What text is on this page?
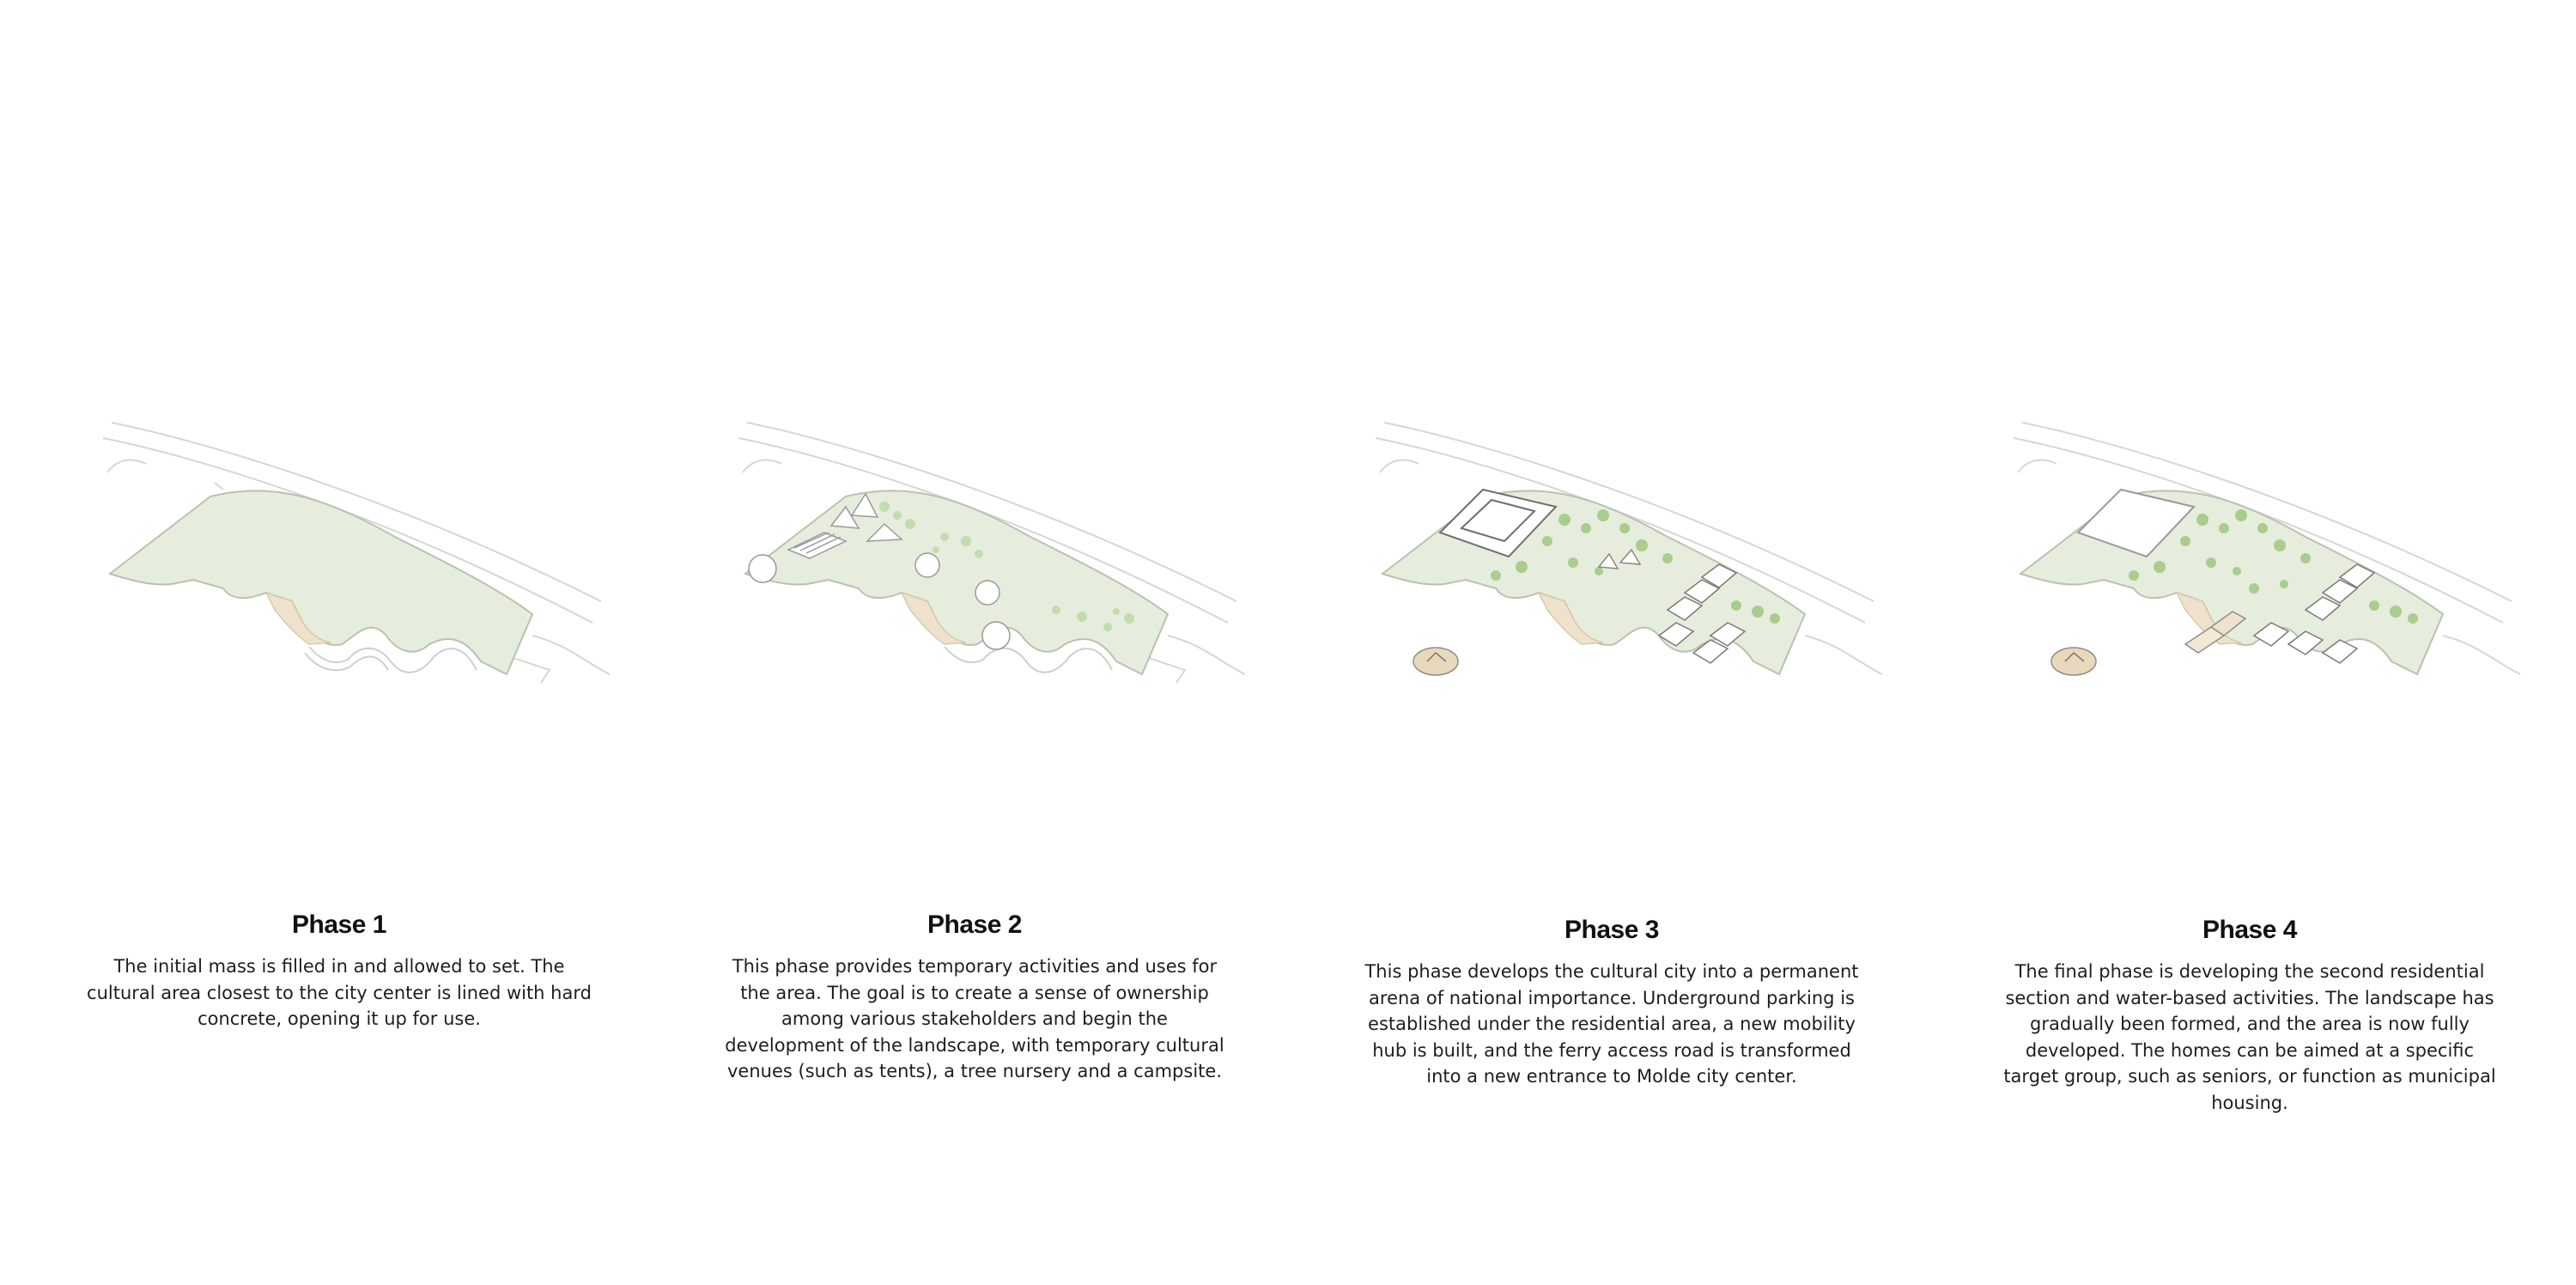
Phase 1
The initial mass is filled in and allowed to set. The cultural area closest to the city center is lined with hard concrete, opening it up for use.
Phase 2
This phase provides temporary activities and uses for the area. The goal is to create a sense of ownership among various stakeholders and begin the development of the landscape, with temporary cultural venues (such as tents), a tree nursery and a campsite.
Phase 3
This phase develops the cultural city into a permanent arena of national importance. Underground parking is established under the residential area, a new mobility hub is built, and the ferry access road is transformed into a new entrance to Molde city center.
Phase 4
The final phase is developing the second residential section and water-based activities. The landscape has gradually been formed, and the area is now fully developed. The homes can be aimed at a specific target group, such as seniors, or function as municipal housing.
